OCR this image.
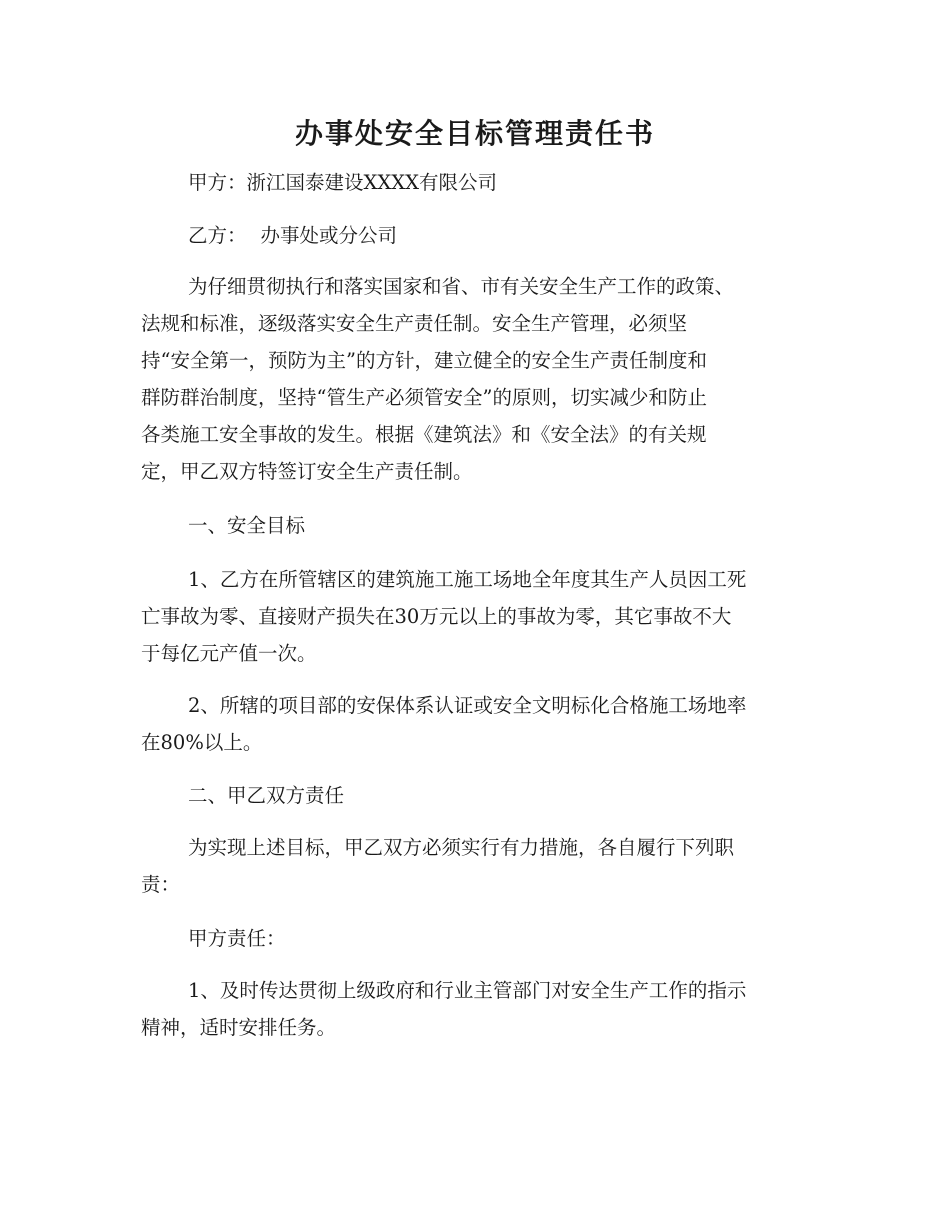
办事处安全目标管理责任书
甲方：浙江国泰建设XXXX有限公司
乙方： 办事处或分公司
为仔细贯彻执行和落实国家和省、市有关安全生产工作的政策、
法规和标准，逐级落实安全生产责任制。安全生产管理，必须坚
持“安全第一，预防为主”的方针，建立健全的安全生产责任制度和
群防群治制度，坚持“管生产必须管安全”的原则，切实减少和防止
各类施工安全事故的发生。根据《建筑法》和《安全法》的有关规
定，甲乙双方特签订安全生产责任制。
一、安全目标
1、乙方在所管辖区的建筑施工施工场地全年度其生产人员因工死
亡事故为零、直接财产损失在30万元以上的事故为零，其它事故不大
于每亿元产值一次。
2、所辖的项目部的安保体系认证或安全文明标化合格施工场地率
在80%以上。
二、甲乙双方责任
为实现上述目标，甲乙双方必须实行有力措施，各自履行下列职
责：
甲方责任：
1、及时传达贯彻上级政府和行业主管部门对安全生产工作的指示
精神，适时安排任务。
